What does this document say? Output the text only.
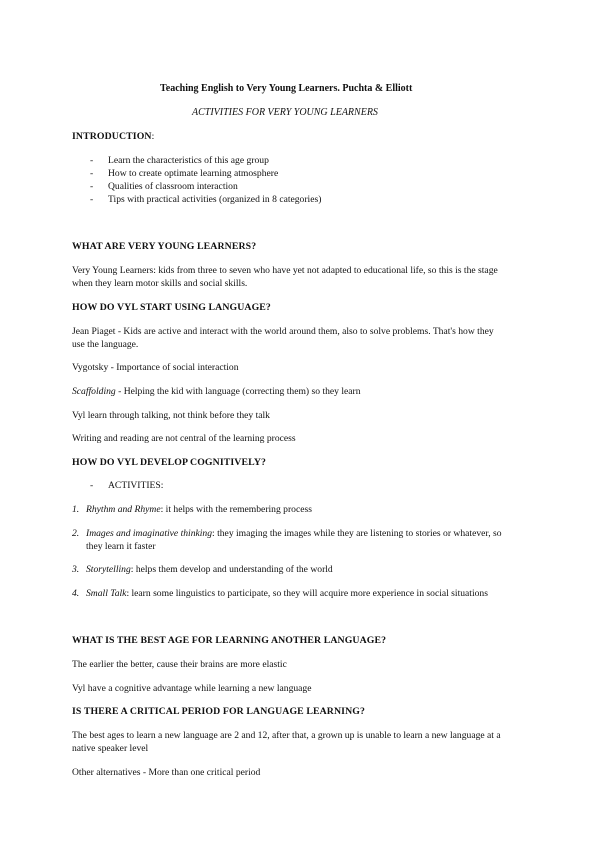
Teaching English to Very Young Learners. Puchta & Elliott
ACTIVITIES FOR VERY YOUNG LEARNERS
INTRODUCTION:
- Learn the characteristics of this age group
- How to create optimate learning atmosphere
- Qualities of classroom interaction
- Tips with practical activities (organized in 8 categories)
WHAT ARE VERY YOUNG LEARNERS?
Very Young Learners: kids from three to seven who have yet not adapted to educational life, so this is the stage
when they learn motor skills and social skills.
HOW DO VYL START USING LANGUAGE?
Jean Piaget - Kids are active and interact with the world around them, also to solve problems. That's how they
use the language.
Vygotsky - Importance of social interaction
Scaffolding - Helping the kid with language (correcting them) so they learn
Vyl learn through talking, not think before they talk
Writing and reading are not central of the learning process
HOW DO VYL DEVELOP COGNITIVELY?
- ACTIVITIES:
1. Rhythm and Rhyme: it helps with the remembering process
2. Images and imaginative thinking: they imaging the images while they are listening to stories or whatever, so
they learn it faster
3. Storytelling: helps them develop and understanding of the world
4. Small Talk: learn some linguistics to participate, so they will acquire more experience in social situations
WHAT IS THE BEST AGE FOR LEARNING ANOTHER LANGUAGE?
The earlier the better, cause their brains are more elastic
Vyl have a cognitive advantage while learning a new language
IS THERE A CRITICAL PERIOD FOR LANGUAGE LEARNING?
The best ages to learn a new language are 2 and 12, after that, a grown up is unable to learn a new language at a
native speaker level
Other alternatives - More than one critical period
